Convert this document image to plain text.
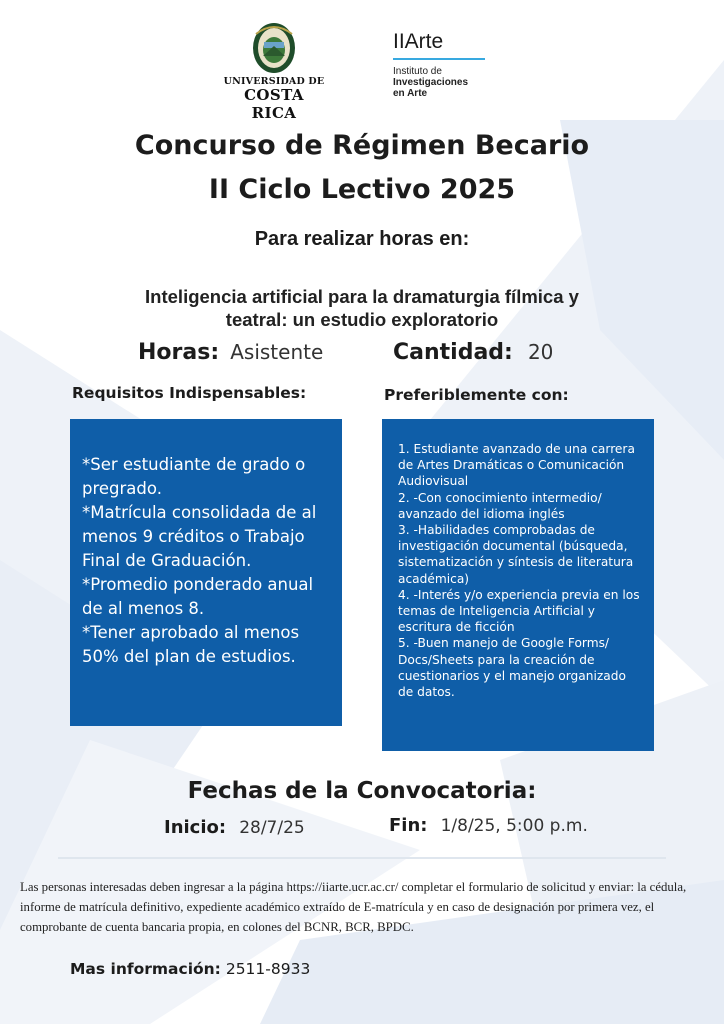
UNIVERSIDAD DE
COSTA RICA
IIArte
Instituto de
Investigaciones
en Arte
Concurso de Régimen Becario
II Ciclo Lectivo 2025
Para realizar horas en:
Inteligencia artificial para la dramaturgia fílmica y
teatral: un estudio exploratorio
Horas: Asistente	Cantidad: 20
Requisitos Indispensables:	Preferiblemente con:

*Ser estudiante de grado o pregrado.

*Matrícula consolidada de al menos 9 créditos o Trabajo Final de Graduación.

*Promedio ponderado anual de al menos 8.

*Tener aprobado al menos 50% del plan de estudios.

1. Estudiante avanzado de una carrera de Artes Dramáticas o Comunicación Audiovisual

2. -Con conocimiento intermedio/ avanzado del idioma inglés

3. -Habilidades comprobadas de investigación documental (búsqueda, sistematización y síntesis de literatura académica)

4. -Interés y/o experiencia previa en los temas de Inteligencia Artificial y escritura de ficción

5. -Buen manejo de Google Forms/ Docs/Sheets para la creación de cuestionarios y el manejo organizado de datos.

Fechas de la Convocatoria:
Inicio: 28/7/25	Fin: 1/8/25, 5:00 p.m.
Las personas interesadas deben ingresar a la página https://iiarte.ucr.ac.cr/ completar el formulario de solicitud y enviar: la cédula, informe de matrícula definitivo, expediente académico extraído de E-matrícula y en caso de designación por primera vez, el comprobante de cuenta bancaria propia, en colones del BCNR, BCR, BPDC.
Mas información: 2511-8933
